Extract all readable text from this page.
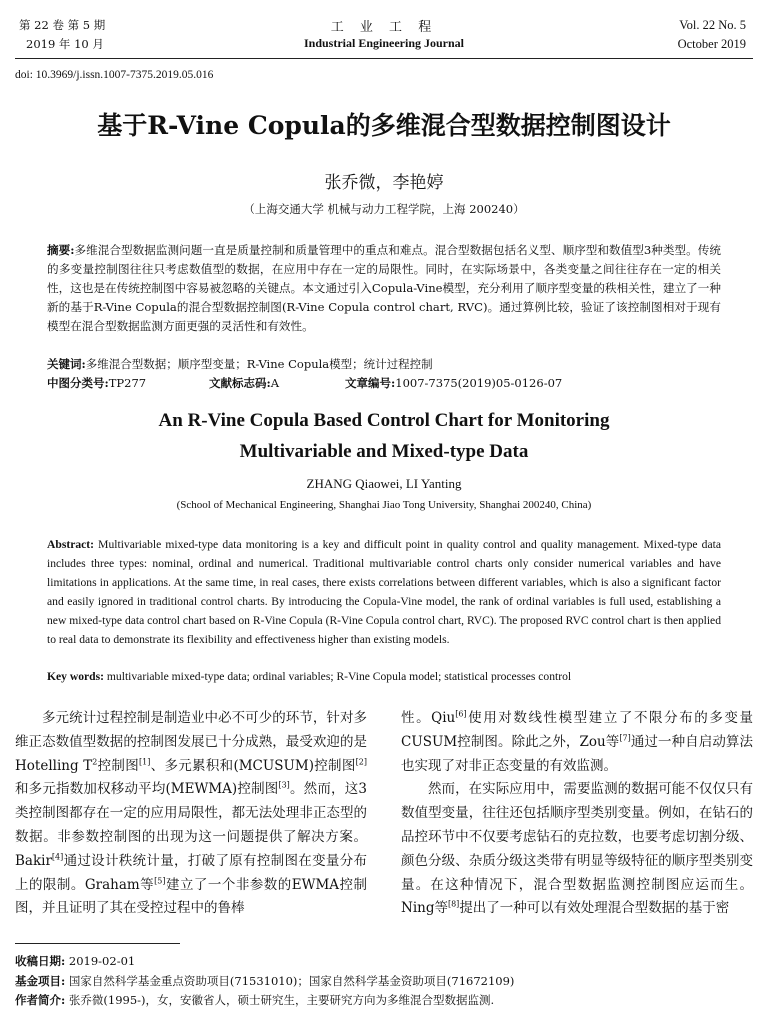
第 22 卷 第 5 期
2019 年 10 月
工 业 工 程
Industrial Engineering Journal
Vol. 22 No. 5
October 2019
doi: 10.3969/j.issn.1007-7375.2019.05.016
基于R-Vine Copula的多维混合型数据控制图设计
张乔微，李艳婷
（上海交通大学 机械与动力工程学院，上海 200240）
摘要:多维混合型数据监测问题一直是质量控制和质量管理中的重点和难点。混合型数据包括名义型、顺序型和数值型3种类型。传统的多变量控制图往往只考虑数值型的数据，在应用中存在一定的局限性。同时，在实际场景中，各类变量之间往往存在一定的相关性，这也是在传统控制图中容易被忽略的关键点。本文通过引入Copula-Vine模型，充分利用了顺序型变量的秩相关性，建立了一种新的基于R-Vine Copula的混合型数据控制图(R-Vine Copula control chart, RVC)。通过算例比较，验证了该控制图相对于现有模型在混合型数据监测方面更强的灵活性和有效性。
关键词:多维混合型数据；顺序型变量；R-Vine Copula模型；统计过程控制
中图分类号:TP277	文献标志码:A	文章编号:1007-7375(2019)05-0126-07
An R-Vine Copula Based Control Chart for Monitoring
Multivariable and Mixed-type Data
ZHANG Qiaowei, LI Yanting
(School of Mechanical Engineering, Shanghai Jiao Tong University, Shanghai 200240, China)
Abstract: Multivariable mixed-type data monitoring is a key and difficult point in quality control and quality management. Mixed-type data includes three types: nominal, ordinal and numerical. Traditional multivariable control charts only consider numerical variables and have limitations in applications. At the same time, in real cases, there exists correlations between different variables, which is also a significant factor and easily ignored in traditional control charts. By introducing the Copula-Vine model, the rank of ordinal variables is full used, establishing a new mixed-type data control chart based on R-Vine Copula (R-Vine Copula control chart, RVC). The proposed RVC control chart is then applied to real data to demonstrate its flexibility and effectiveness higher than existing models.
Key words: multivariable mixed-type data; ordinal variables; R-Vine Copula model; statistical processes control

多元统计过程控制是制造业中必不可少的环节，针对多维正态数值型数据的控制图发展已十分成熟，最受欢迎的是Hotelling $T^2$控制图[1]、多元累积和(MCUSUM)控制图[2]和多元指数加权移动平均(MEWMA)控制图[3]。然而，这3类控制图都存在一定的应用局限性，都无法处理非正态型的数据。非参数控制图的出现为这一问题提供了解决方案。Bakir[4]通过设计秩统计量，打破了原有控制图在变量分布上的限制。Graham等[5]建立了一个非参数的EWMA控制图，并且证明了其在受控过程中的鲁棒

性。Qiu[6]使用对数线性模型建立了不限分布的多变量CUSUM控制图。除此之外，Zou等[7]通过一种自启动算法也实现了对非正态变量的有效监测。

然而，在实际应用中，需要监测的数据可能不仅仅只有数值型变量，往往还包括顺序型类别变量。例如，在钻石的品控环节中不仅要考虑钻石的克拉数，也要考虑切割分级、颜色分级、杂质分级这类带有明显等级特征的顺序型类别变量。在这种情况下，混合型数据监测控制图应运而生。Ning等[8]提出了一种可以有效处理混合型数据的基于密

收稿日期: 2019-02-01
基金项目: 国家自然科学基金重点资助项目(71531010)；国家自然科学基金资助项目(71672109)
作者简介: 张乔微(1995-)，女，安徽省人，硕士研究生，主要研究方向为多维混合型数据监测.
